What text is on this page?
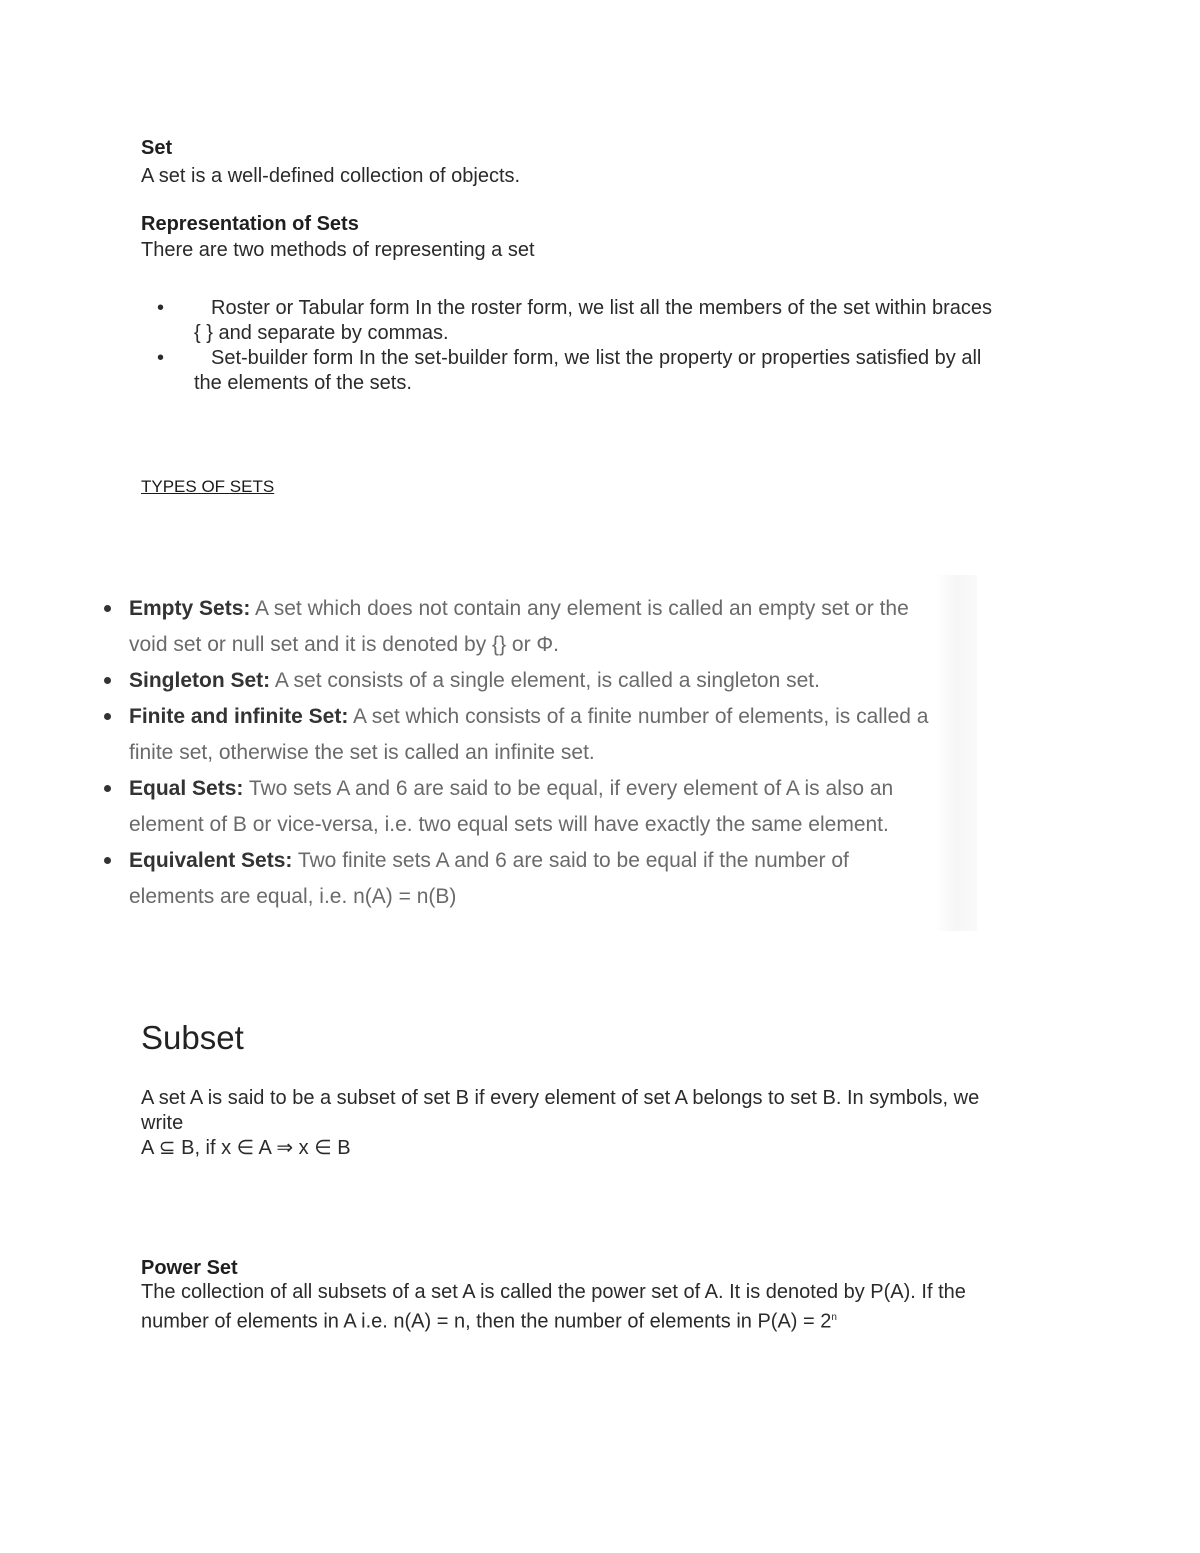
Set
A set is a well-defined collection of objects.
Representation of Sets
There are two methods of representing a set
•	Roster or Tabular form In the roster form, we list all the members of the set within braces
{ } and separate by commas.
•	Set-builder form In the set-builder form, we list the property or properties satisfied by all
the elements of the sets.
TYPES OF SETS
Empty Sets: A set which does not contain any element is called an empty set or the
void set or null set and it is denoted by {} or Φ.
Singleton Set: A set consists of a single element, is called a singleton set.
Finite and infinite Set: A set which consists of a finite number of elements, is called a
finite set, otherwise the set is called an infinite set.
Equal Sets: Two sets A and 6 are said to be equal, if every element of A is also an
element of B or vice-versa, i.e. two equal sets will have exactly the same element.
Equivalent Sets: Two finite sets A and 6 are said to be equal if the number of
elements are equal, i.e. n(A) = n(B)
Subset
A set A is said to be a subset of set B if every element of set A belongs to set B. In symbols, we
write
A ⊆ B, if x ∈ A ⇒ x ∈ B
Power Set
The collection of all subsets of a set A is called the power set of A. It is denoted by P(A). If the
number of elements in A i.e. n(A) = n, then the number of elements in $P(A) = 2^n$
